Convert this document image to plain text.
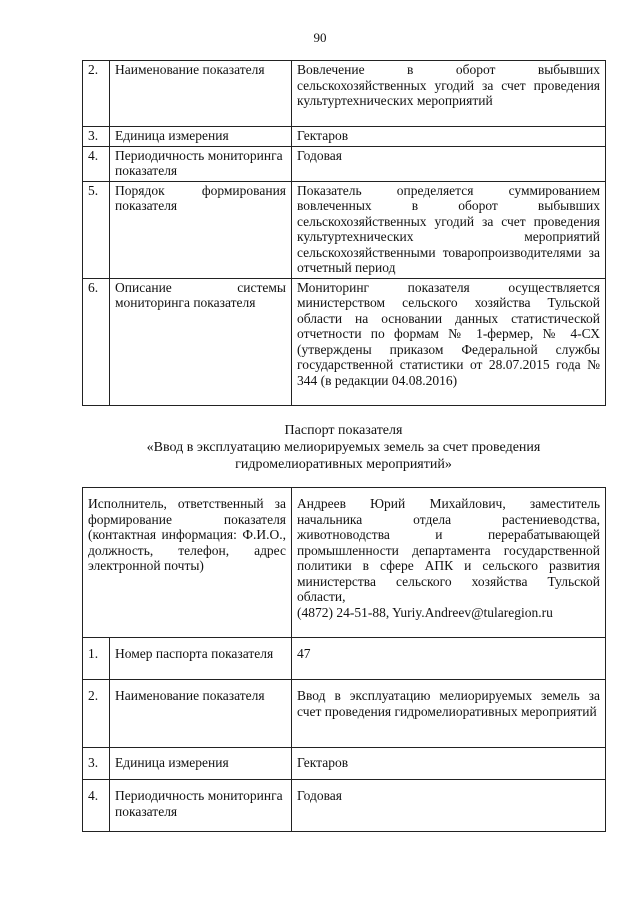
90
2.	Наименование показателя	Вовлечение в оборот выбывших сельскохозяйственных угодий за счет проведения культуртехнических мероприятий

3.	Единица измерения	Гектаров
4.	Периодичность мониторинга показателя	Годовая
5.	Порядок формирования показателя	Показатель определяется суммированием вовлеченных в оборот выбывших сельскохозяйственных угодий за счет проведения культуртехнических мероприятий сельскохозяйственными товаропроизводителями за отчетный период

6.	Описание системы мониторинга показателя	Мониторинг показателя осуществляется министерством сельского хозяйства Тульской области на основании данных статистической отчетности по формам № 1-фермер, № 4-СХ (утверждены приказом Федеральной службы государственной статистики от 28.07.2015 года № 344 (в редакции 04.08.2016)
Паспорт показателя
«Ввод в эксплуатацию мелиорируемых земель за счет проведения гидромелиоративных мероприятий»
Исполнитель, ответственный за формирование показателя (контактная информация: Ф.И.О., должность, телефон, адрес электронной почты)		Андреев Юрий Михайлович, заместитель начальника отдела растениеводства, животноводства и перерабатывающей промышленности департамента государственной политики в сфере АПК и сельского развития министерства сельского хозяйства Тульской области,
(4872) 24-51-88, Yuriy.Andreev@tularegion.ru

1.	Номер паспорта показателя	47
2.	Наименование показателя	Ввод в эксплуатацию мелиорируемых земель за счет проведения гидромелиоративных мероприятий

3.	Единица измерения	Гектаров
4.	Периодичность мониторинга показателя	Годовая
